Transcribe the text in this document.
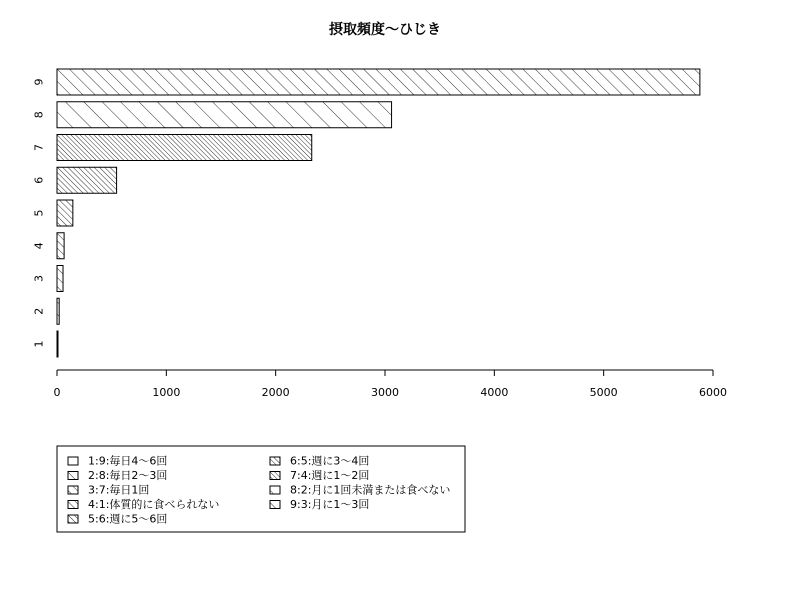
摂取頻度～ひじき
1
2
3
4
5
6
7
8
9
0	1000	2000	3000	4000	5000	6000
1:9:毎日4～6回
2:8:毎日2～3回
3:7:毎日1回
4:1:体質的に食べられない
5:6:週に5～6回
6:5:週に3～4回
7:4:週に1～2回
8:2:月に1回未満または食べない
9:3:月に1～3回
